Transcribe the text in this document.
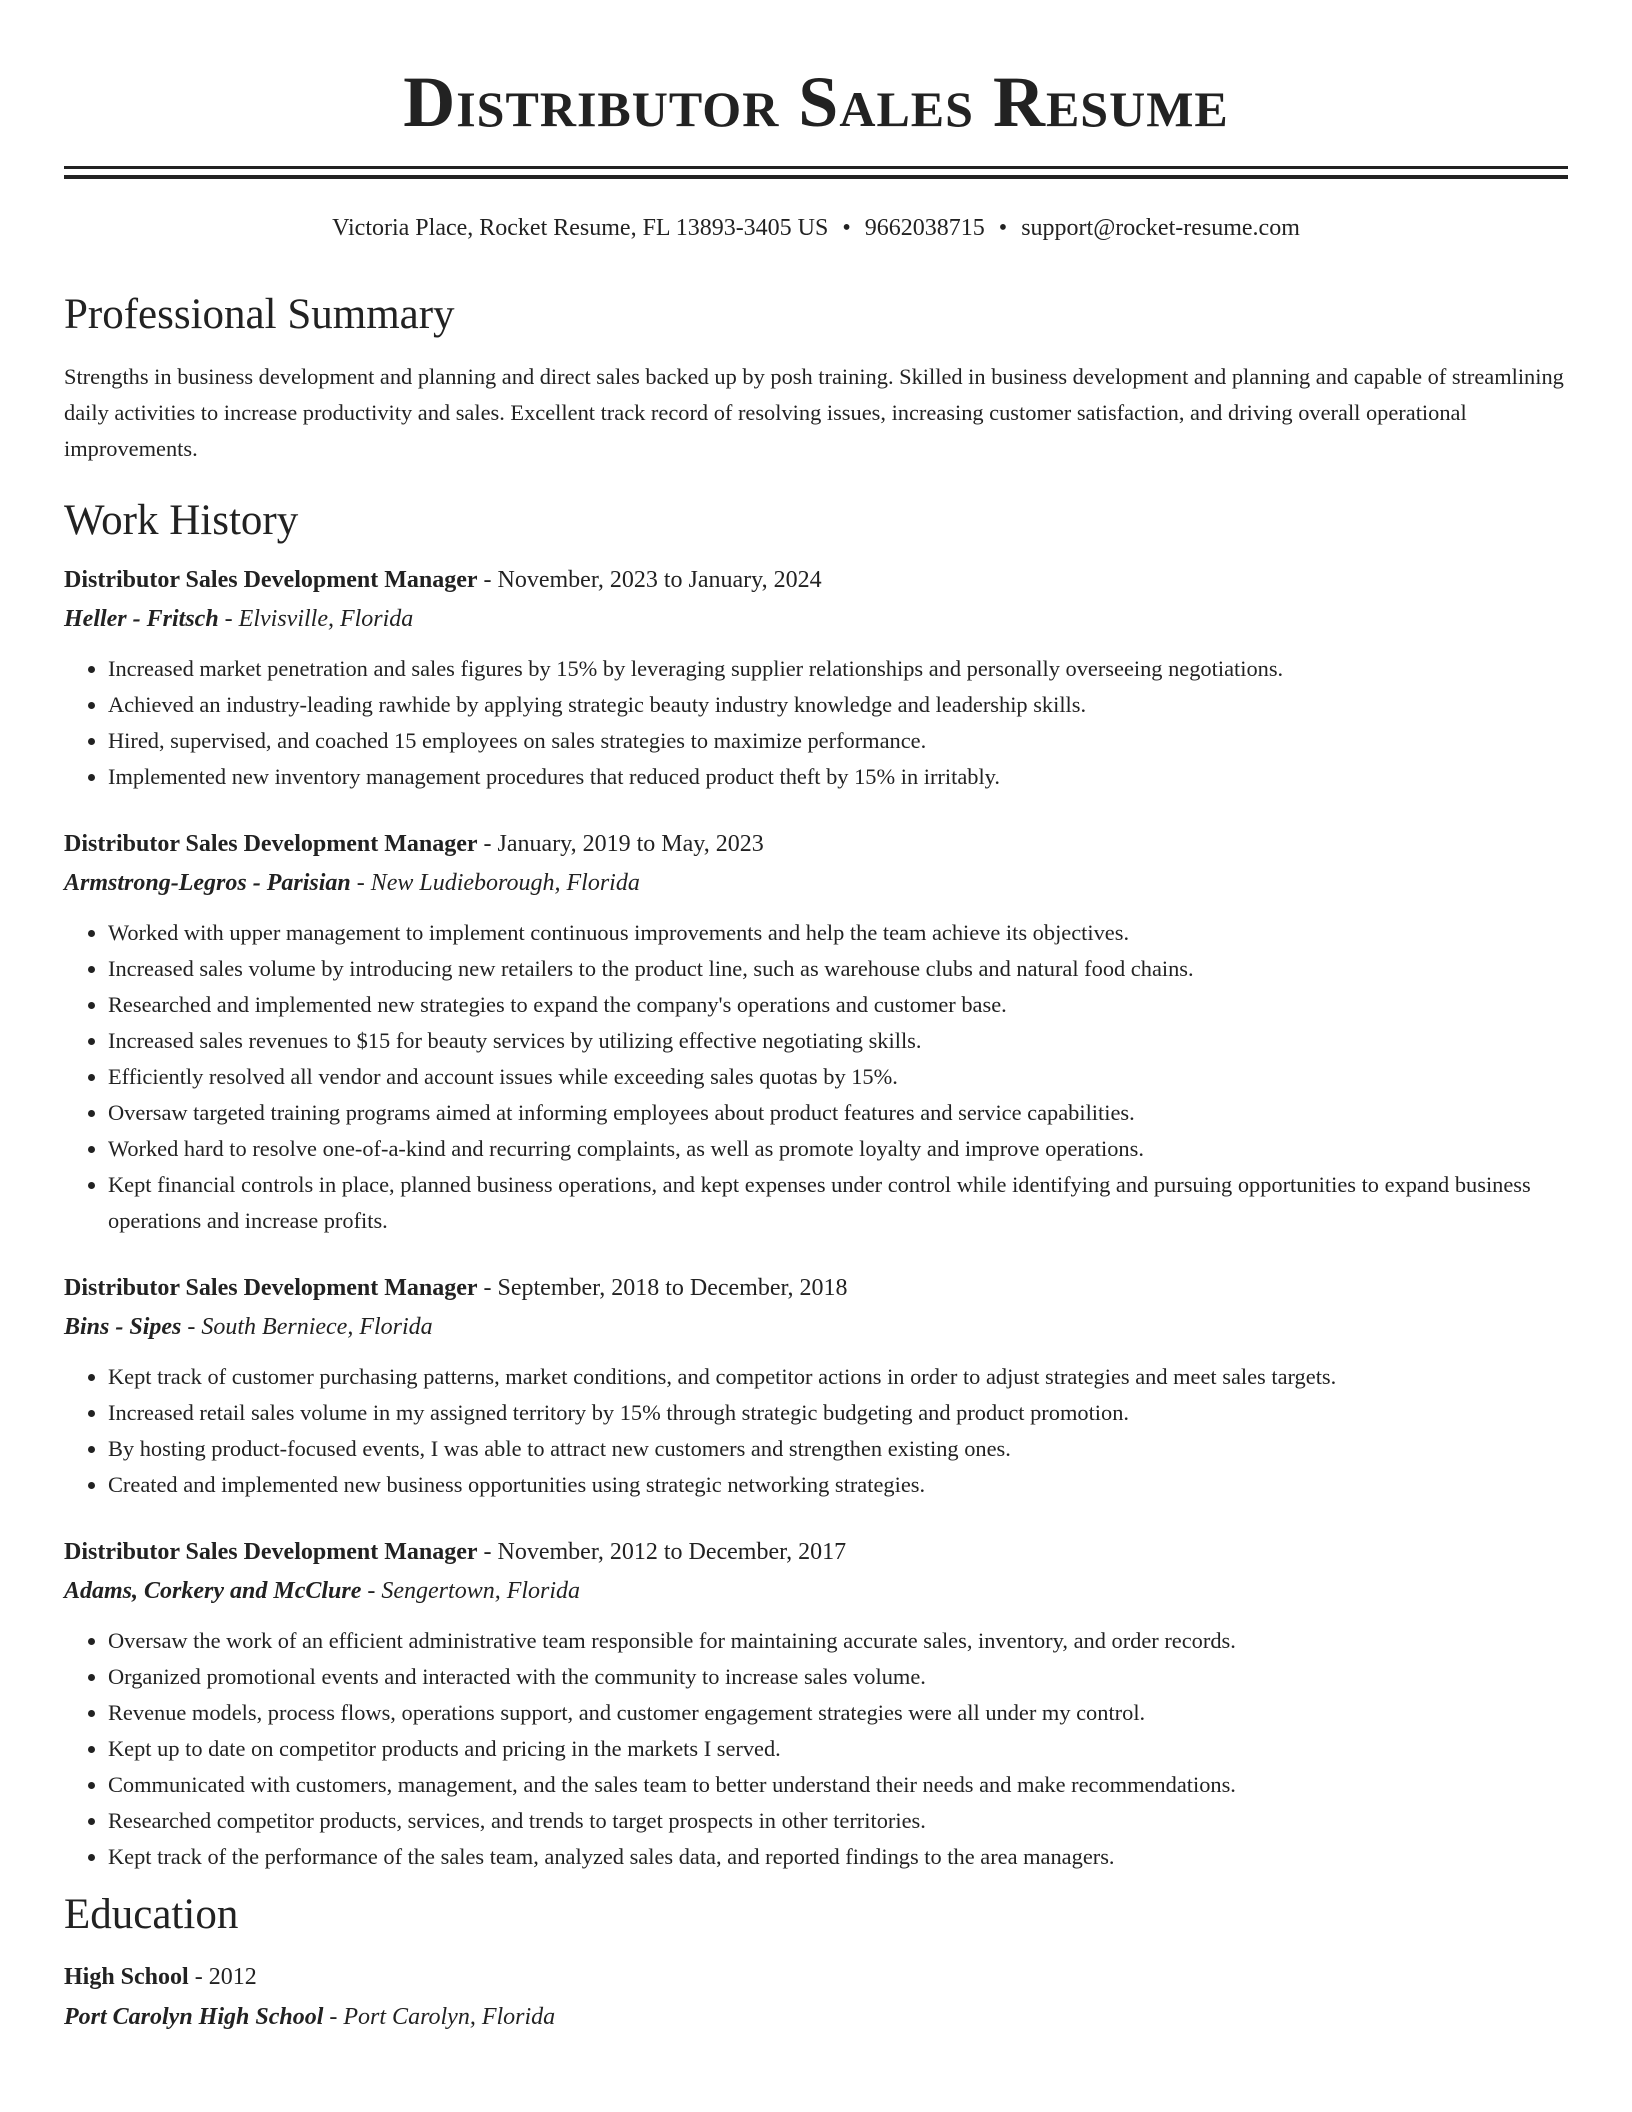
Distributor Sales Resume
Victoria Place, Rocket Resume, FL 13893-3405 US • 9662038715 • support@rocket-resume.com
Professional Summary

Strengths in business development and planning and direct sales backed up by posh training. Skilled in business development and planning and capable of streamlining daily activities to increase productivity and sales. Excellent track record of resolving issues, increasing customer satisfaction, and driving overall operational improvements.

Work History
Distributor Sales Development Manager - November, 2023 to January, 2024
Heller - Fritsch - Elvisville, Florida
• Increased market penetration and sales figures by 15% by leveraging supplier relationships and personally overseeing negotiations.
• Achieved an industry-leading rawhide by applying strategic beauty industry knowledge and leadership skills.
• Hired, supervised, and coached 15 employees on sales strategies to maximize performance.
• Implemented new inventory management procedures that reduced product theft by 15% in irritably.
Distributor Sales Development Manager - January, 2019 to May, 2023
Armstrong-Legros - Parisian - New Ludieborough, Florida
• Worked with upper management to implement continuous improvements and help the team achieve its objectives.
• Increased sales volume by introducing new retailers to the product line, such as warehouse clubs and natural food chains.
• Researched and implemented new strategies to expand the company's operations and customer base.
• Increased sales revenues to $15 for beauty services by utilizing effective negotiating skills.
• Efficiently resolved all vendor and account issues while exceeding sales quotas by 15%.
• Oversaw targeted training programs aimed at informing employees about product features and service capabilities.
• Worked hard to resolve one-of-a-kind and recurring complaints, as well as promote loyalty and improve operations.
• Kept financial controls in place, planned business operations, and kept expenses under control while identifying and pursuing opportunities to expand business operations and increase profits.
Distributor Sales Development Manager - September, 2018 to December, 2018
Bins - Sipes - South Berniece, Florida
• Kept track of customer purchasing patterns, market conditions, and competitor actions in order to adjust strategies and meet sales targets.
• Increased retail sales volume in my assigned territory by 15% through strategic budgeting and product promotion.
• By hosting product-focused events, I was able to attract new customers and strengthen existing ones.
• Created and implemented new business opportunities using strategic networking strategies.
Distributor Sales Development Manager - November, 2012 to December, 2017
Adams, Corkery and McClure - Sengertown, Florida
• Oversaw the work of an efficient administrative team responsible for maintaining accurate sales, inventory, and order records.
• Organized promotional events and interacted with the community to increase sales volume.
• Revenue models, process flows, operations support, and customer engagement strategies were all under my control.
• Kept up to date on competitor products and pricing in the markets I served.
• Communicated with customers, management, and the sales team to better understand their needs and make recommendations.
• Researched competitor products, services, and trends to target prospects in other territories.
• Kept track of the performance of the sales team, analyzed sales data, and reported findings to the area managers.
Education
High School - 2012
Port Carolyn High School - Port Carolyn, Florida
